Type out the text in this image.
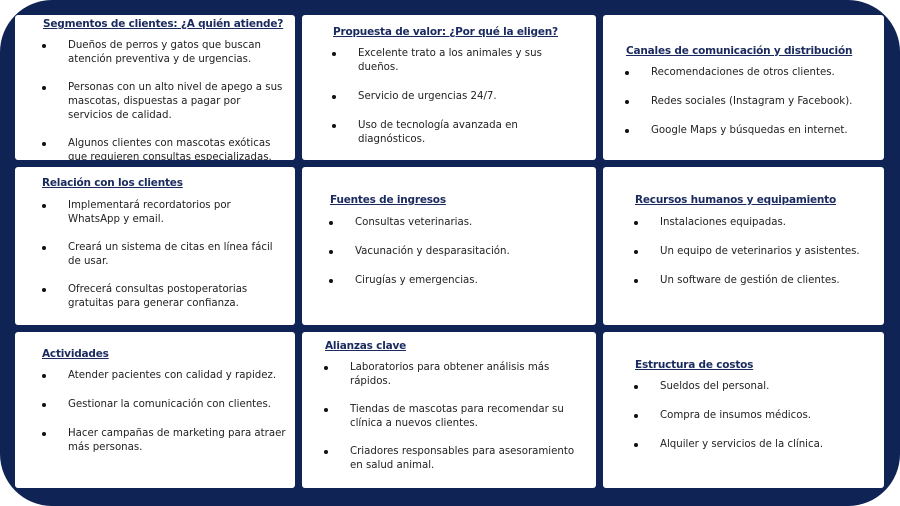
Segmentos de clientes: ¿A quién atiende?
Dueños de perros y gatos que buscan atención preventiva y de urgencias.
Personas con un alto nivel de apego a sus mascotas, dispuestas a pagar por servicios de calidad.
Algunos clientes con mascotas exóticas que requieren consultas especializadas.
Propuesta de valor: ¿Por qué la eligen?
Excelente trato a los animales y sus dueños.
Servicio de urgencias 24/7.
Uso de tecnología avanzada en diagnósticos.
Canales de comunicación y distribución
Recomendaciones de otros clientes.
Redes sociales (Instagram y Facebook).
Google Maps y búsquedas en internet.
Relación con los clientes
Implementará recordatorios por WhatsApp y email.
Creará un sistema de citas en línea fácil de usar.
Ofrecerá consultas postoperatorias gratuitas para generar confianza.
Fuentes de ingresos
Consultas veterinarias.
Vacunación y desparasitación.
Cirugías y emergencias.
Recursos humanos y equipamiento
Instalaciones equipadas.
Un equipo de veterinarios y asistentes.
Un software de gestión de clientes.
Actividades
Atender pacientes con calidad y rapidez.
Gestionar la comunicación con clientes.
Hacer campañas de marketing para atraer más personas.
Alianzas clave
Laboratorios para obtener análisis más rápidos.
Tiendas de mascotas para recomendar su clínica a nuevos clientes.
Criadores responsables para asesoramiento en salud animal.
Estructura de costos
Sueldos del personal.
Compra de insumos médicos.
Alquiler y servicios de la clínica.
